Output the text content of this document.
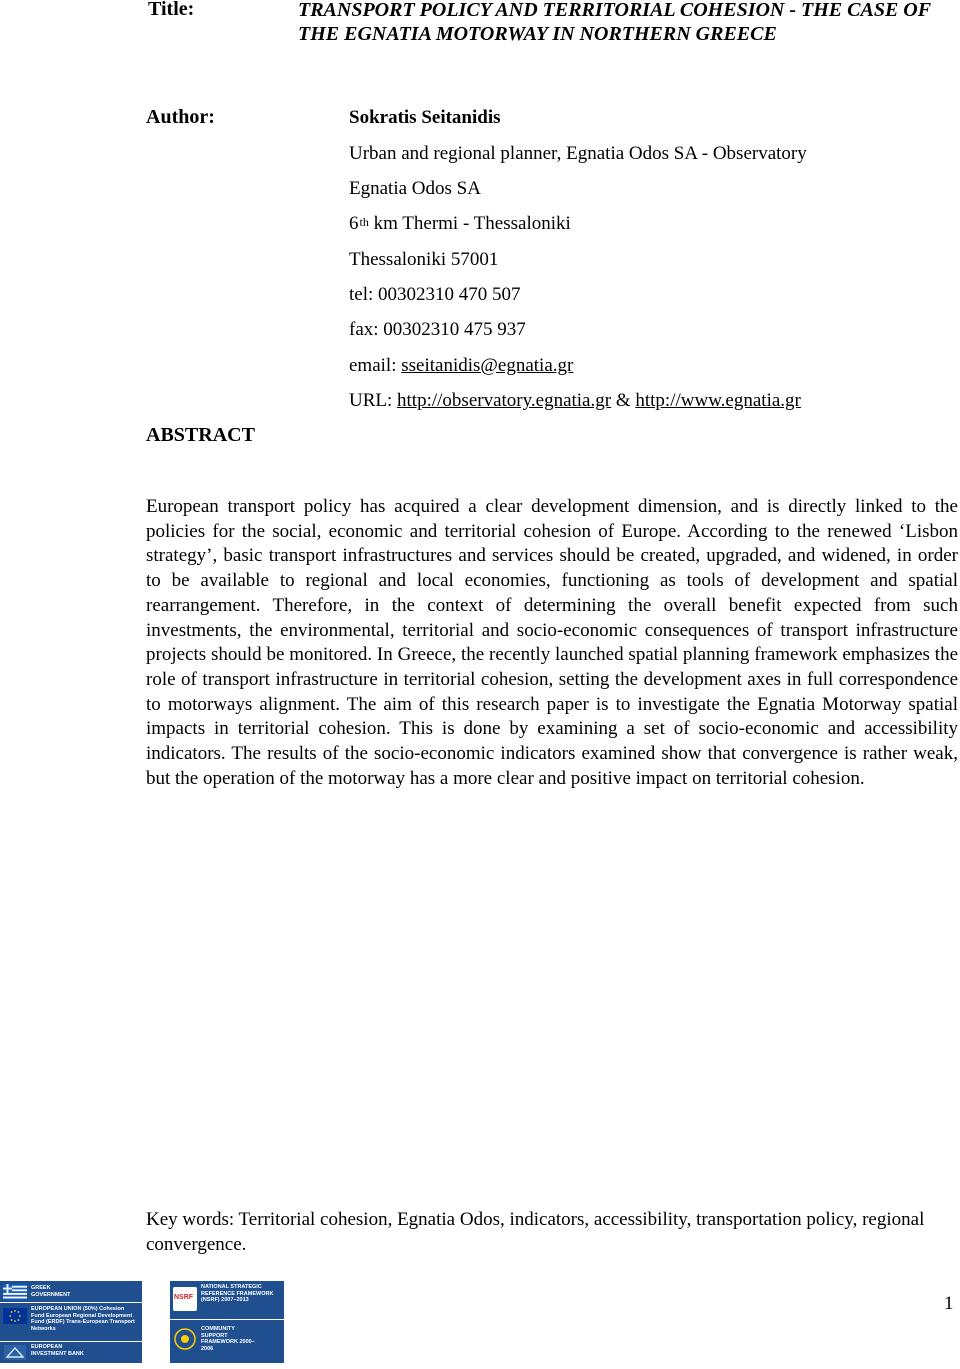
Title:	TRANSPORT POLICY AND TERRITORIAL COHESION - THE CASE OF THE EGNATIA MOTORWAY IN NORTHERN GREECE
Author:	Sokratis Seitanidis
Urban and regional planner, Egnatia Odos SA - Observatory
Egnatia Odos SA
6th km Thermi - Thessaloniki
Thessaloniki 57001
tel: 00302310 470 507
fax: 00302310 475 937
email: sseitanidis@egnatia.gr
URL: http://observatory.egnatia.gr & http://www.egnatia.gr
ABSTRACT
European transport policy has acquired a clear development dimension, and is directly linked to the policies for the social, economic and territorial cohesion of Europe. According to the renewed ‘Lisbon strategy’, basic transport infrastructures and services should be created, upgraded, and widened, in order to be available to regional and local economies, functioning as tools of development and spatial rearrangement. Therefore, in the context of determining the overall benefit expected from such investments, the environmental, territorial and socio-economic consequences of transport infrastructure projects should be monitored. In Greece, the recently launched spatial planning framework emphasizes the role of transport infrastructure in territorial cohesion, setting the development axes in full correspondence to motorways alignment. The aim of this research paper is to investigate the Egnatia Motorway spatial impacts in territorial cohesion. This is done by examining a set of socio-economic and accessibility indicators. The results of the socio-economic indicators examined show that convergence is rather weak, but the operation of the motorway has a more clear and positive impact on territorial cohesion.
Key words: Territorial cohesion, Egnatia Odos, indicators, accessibility, transportation policy, regional convergence.
1
GREEK GOVERNMENT
EUROPEAN UNION (50%) Cohesion Fund European Regional Development Fund (ERDF) Trans-European Transport Networks
EUROPEAN INVESTMENT BANK
NSRF
NATIONAL STRATEGIC REFERENCE FRAMEWORK (NSRF) 2007–2013
COMMUNITY SUPPORT FRAMEWORK 2000–2006
